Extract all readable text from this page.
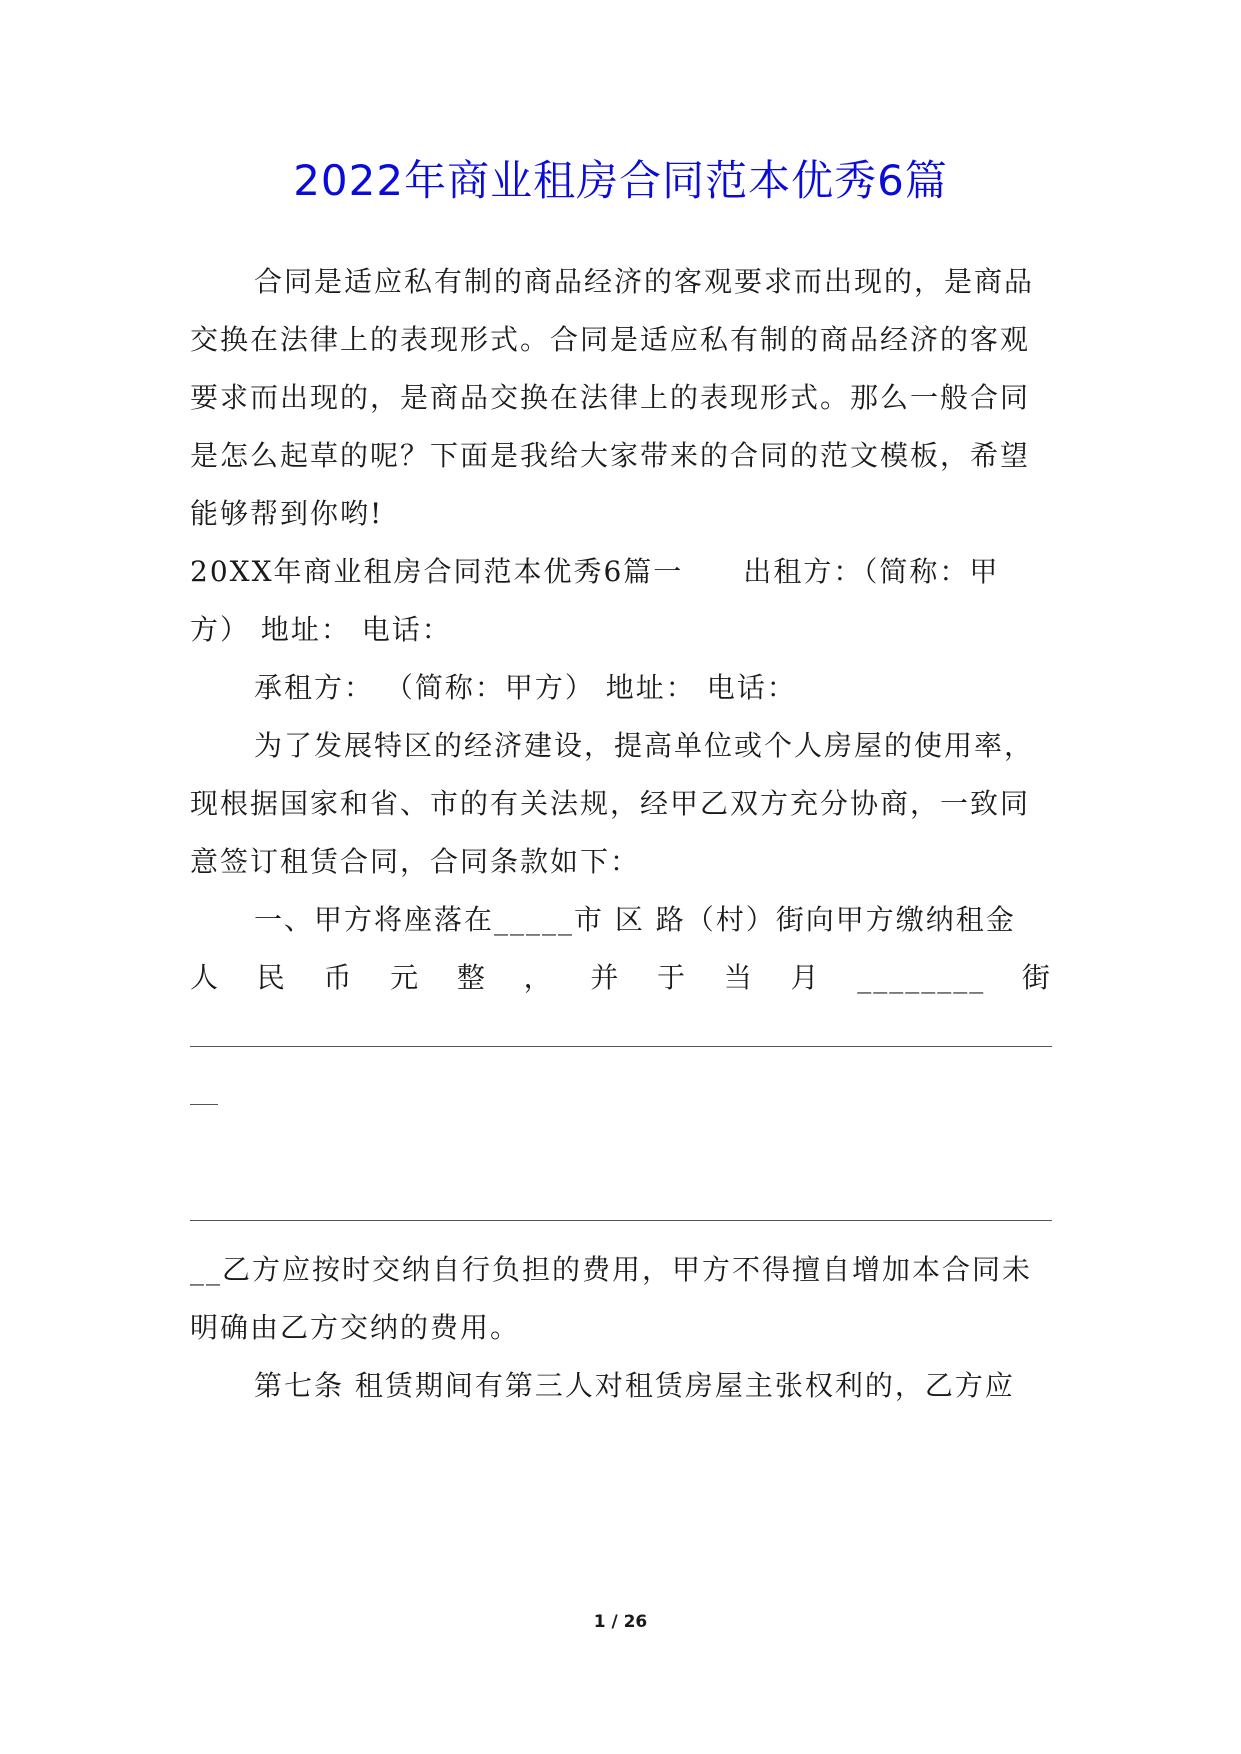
2022年商业租房合同范本优秀6篇
合同是适应私有制的商品经济的客观要求而出现的，是商品
交换在法律上的表现形式。合同是适应私有制的商品经济的客观
要求而出现的，是商品交换在法律上的表现形式。那么一般合同
是怎么起草的呢？下面是我给大家带来的合同的范文模板，希望
能够帮到你哟!
20XX年商业租房合同范本优秀6篇一　　出租方：（简称：甲
方） 地址： 电话：
承租方： （简称：甲方） 地址： 电话：
为了发展特区的经济建设，提高单位或个人房屋的使用率，
现根据国家和省、市的有关法规，经甲乙双方充分协商，一致同
意签订租赁合同，合同条款如下：
一、甲方将座落在_____市 区 路（村）街向甲方缴纳租金
人 民 币 元 整 ， 并 于 当 月 ________ 街
__乙方应按时交纳自行负担的费用，甲方不得擅自增加本合同未
明确由乙方交纳的费用。
第七条 租赁期间有第三人对租赁房屋主张权利的，乙方应
1 / 26
